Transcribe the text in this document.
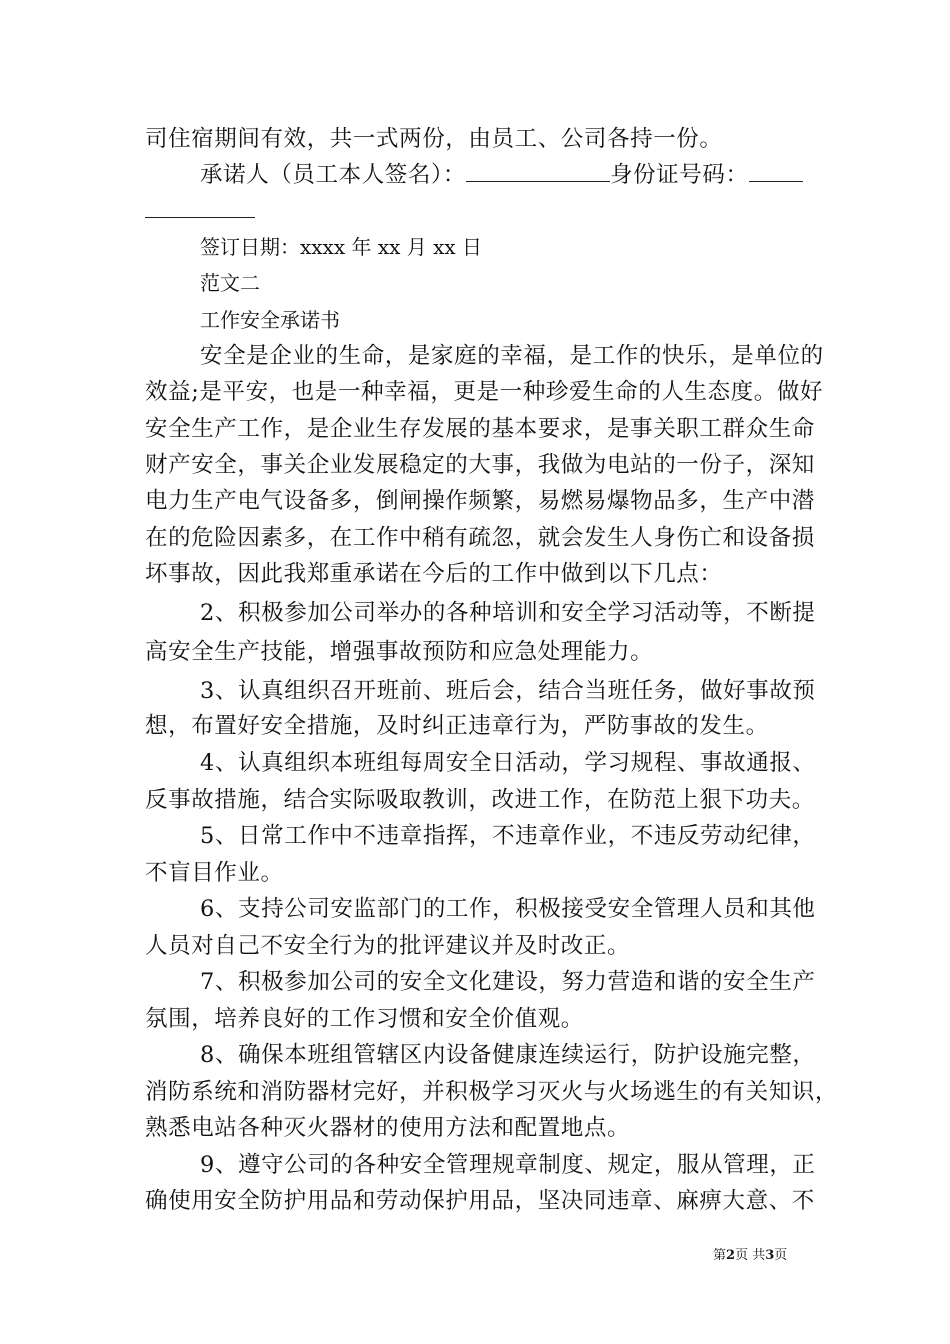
司住宿期间有效，共一式两份，由员工、公司各持一份。
承诺人（员工本人签名）：	身份证号码：
签订日期：xxxx 年 xx 月 xx 日
范文二
工作安全承诺书
安全是企业的生命，是家庭的幸福，是工作的快乐，是单位的
效益;是平安，也是一种幸福，更是一种珍爱生命的人生态度。做好
安全生产工作，是企业生存发展的基本要求，是事关职工群众生命
财产安全，事关企业发展稳定的大事，我做为电站的一份子，深知
电力生产电气设备多，倒闸操作频繁，易燃易爆物品多，生产中潜
在的危险因素多，在工作中稍有疏忽，就会发生人身伤亡和设备损
坏事故，因此我郑重承诺在今后的工作中做到以下几点：
2、积极参加公司举办的各种培训和安全学习活动等，不断提
高安全生产技能，增强事故预防和应急处理能力。
3、认真组织召开班前、班后会，结合当班任务，做好事故预
想，布置好安全措施，及时纠正违章行为，严防事故的发生。
4、认真组织本班组每周安全日活动，学习规程、事故通报、
反事故措施，结合实际吸取教训，改进工作，在防范上狠下功夫。
5、日常工作中不违章指挥，不违章作业，不违反劳动纪律，
不盲目作业。
6、支持公司安监部门的工作，积极接受安全管理人员和其他
人员对自己不安全行为的批评建议并及时改正。
7、积极参加公司的安全文化建设，努力营造和谐的安全生产
氛围，培养良好的工作习惯和安全价值观。
8、确保本班组管辖区内设备健康连续运行，防护设施完整，
消防系统和消防器材完好，并积极学习灭火与火场逃生的有关知识，
熟悉电站各种灭火器材的使用方法和配置地点。
9、遵守公司的各种安全管理规章制度、规定，服从管理，正
确使用安全防护用品和劳动保护用品，坚决同违章、麻痹大意、不
第2页 共3页
